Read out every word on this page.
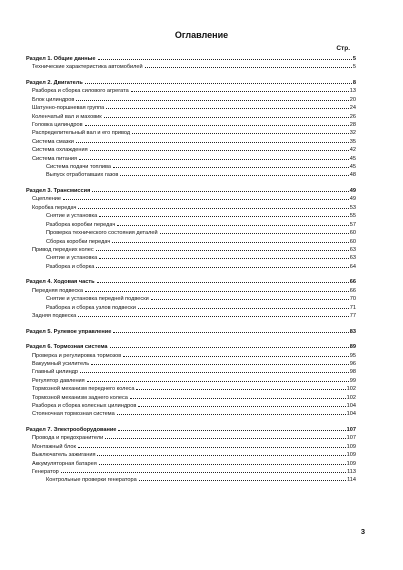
Оглавление
Стр.
Раздел 1. Общие данные	5
Технические характеристика автомобилей	5
Раздел 2. Двигатель	8
Разборка и сборка силового агрегата	13
Блок цилиндров	20
Шатунно-поршневая группа	24
Коленчатый вал и маховик	26
Головка цилиндров	28
Распределительный вал и его привод	32
Система смазки	35
Система охлаждения	42
Система питания	45
Система подачи топлива	45
Выпуск отработавших газов	48
Раздел 3. Трансмиссия	49
Сцепление	49
Коробка передач	53
Снятие и установка	55
Разборка коробки передач	57
Проверка технического состояния деталей	60
Сборка коробки передач	60
Привод передних колес	63
Снятие и установка	63
Разборка и сборка	64
Раздел 4. Ходовая часть	66
Передняя подвеска	66
Снятие и установка передней подвески	70
Разборка и сборка узлов подвески	71
Задняя подвеска	77
Раздел 5. Рулевое управление	83
Раздел 6. Тормозная система	89
Проверка и регулировка тормозов	95
Вакуумный усилитель	96
Главный цилиндр	98
Регулятор давления	99
Тормозной механизм переднего колеса	102
Тормозной механизм заднего колеса	102
Разборка и сборка колесных цилиндров	104
Стояночная тормозная система	104
Раздел 7. Электрооборудование	107
Провода и предохранители	107
Монтажный блок	109
Выключатель зажигания	109
Аккумуляторная батарея	109
Генератор	113
Контрольные проверки генератора	114
3
